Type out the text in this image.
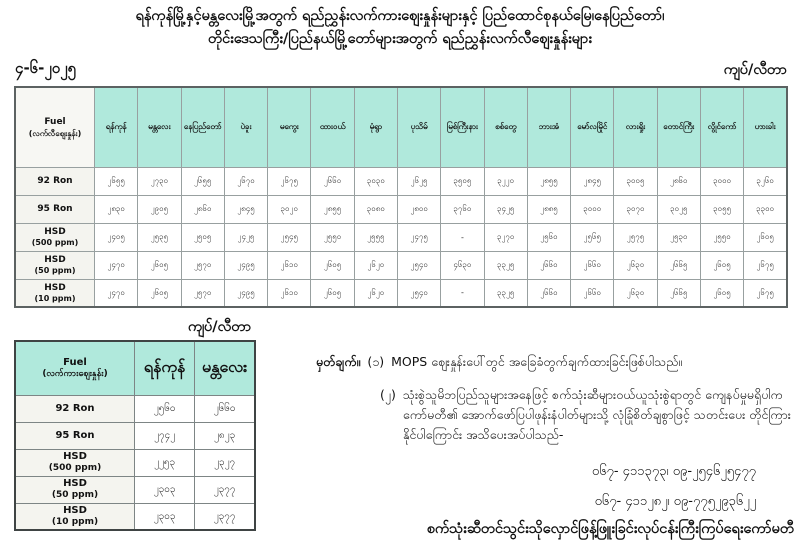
ရန်ကုန်မြို့နှင့်မန္တလေးမြို့အတွက် ရည်ညွှန်းလက်ကားဈေးနှုန်းများနှင့် ပြည်ထောင်စုနယ်မြေ၊နေပြည်တော်၊
တိုင်းဒေသကြီး/ပြည်နယ်မြို့တော်များအတွက် ရည်ညွှန်းလက်လီဈေးနှုန်းများ
၄-၆-၂၀၂၅	ကျပ်/လီတာ
Fuel
(လက်လီဈေးနှုန်း)	ရန်ကုန်	မန္တလေး	နေပြည်တော်	ပဲခူး	မကွေး	ထားဝယ်	မုံရွာ	ပုသိမ်	မြစ်ကြီးနား	စစ်တွေ	ဘားအံ	မော်လမြိုင်	လားရှိုး	တောင်ကြီး	လွိုင်ကော်	ဟားခါး

92 Ron	၂၆၅၅	၂၇၃၀	၂၆၅၅	၂၆၇၀	၂၆၇၅	၂၆၆၀	၃၀၃၀	၂၆၂၅	၃၅၀၅	၃၂၂၀	၂၈၅၅	၂၈၄၅	၃၀၀၅	၂၈၆၀	၃၀၀၀	၃၂၆၀

95 Ron	၂၈၃၀	၂၉၀၅	၂၈၆၀	၂၈၄၅	၃၀၂၀	၂၈၅၅	၃၀၈၀	၂၈၀၀	၃၇၆၀	၃၄၂၅	၂၈၈၅	၃၀၀၀	၃၀၇၀	၃၀၂၅	၃၀၅၅	၃၃၀၀

HSD
(500 ppm)	၂၄၀၅	၂၅၃၅	၂၅၀၅	၂၄၂၅	၂၅၄၅	၂၅၅၀	၂၅၅၅	၂၄၇၅	-	၃၂၇၀	၂၅၆၀	၂၅၆၅	၂၅၇၅	၂၅၃၀	၂၅၅၀	၂၆၀၅

HSD
(50 ppm)	၂၄၇၀	၂၆၀၅	၂၅၇၀	၂၄၉၅	၂၆၁၀	၂၆၀၅	၂၆၂၀	၂၅၄၀	၄၆၃၀	၃၃၂၅	၂၆၆၀	၂၆၆၀	၂၆၃၀	၂၆၆၅	၂၆၀၅	၂၆၇၅

HSD
(10 ppm)	၂၄၇၀	၂၆၀၅	၂၅၇၀	၂၄၉၅	၂၆၁၀	၂၆၀၅	၂၆၂၀	၂၅၄၀	-	၃၃၂၅	၂၆၆၀	၂၆၆၀	၂၆၃၀	၂၆၆၅	၂၆၀၅	၂၆၇၅
ကျပ်/လီတာ
Fuel
(လက်ကားဈေးနှုန်း)	ရန်ကုန်	မန္တလေး

92 Ron	၂၅၆၀	၂၆၆၀

95 Ron	၂၇၄၂	၂၈၂၃

HSD
(500 ppm)	၂၂၅၃	၂၃၂၇

HSD
(50 ppm)	၂၃၀၃	၂၃၇၇

HSD
(10 ppm)	၂၃၀၃	၂၃၇၇
မှတ်ချက်။ (၁) MOPS ဈေးနှုန်းပေါ်တွင် အခြေခံတွက်ချက်ထားခြင်းဖြစ်ပါသည်။
(၂) သုံးစွဲသူမိဘပြည်သူများအနေဖြင့် စက်သုံးဆီများဝယ်ယူသုံးစွဲရာတွင် ကျေနပ်မှုမရှိပါက ကော်မတီ၏ အောက်ဖော်ပြပါဖုန်းနံပါတ်များသို့ လုံခြုံစိတ်ချစွာဖြင့် သတင်းပေး တိုင်ကြားနိုင်ပါကြောင်း အသိပေးအပ်ပါသည်-
၀၆၇- ၄၁၁၃၇၃၊ ၀၉-၂၅၄၆၂၅၄၇၇
၀၆၇- ၄၁၁၂၈၂၊ ၀၉-၇၇၅၂၉၃၆၂၂
စက်သုံးဆီတင်သွင်းသိုလှောင်ဖြန့်ဖြူးခြင်းလုပ်ငန်းကြီးကြပ်ရေးကော်မတီ
